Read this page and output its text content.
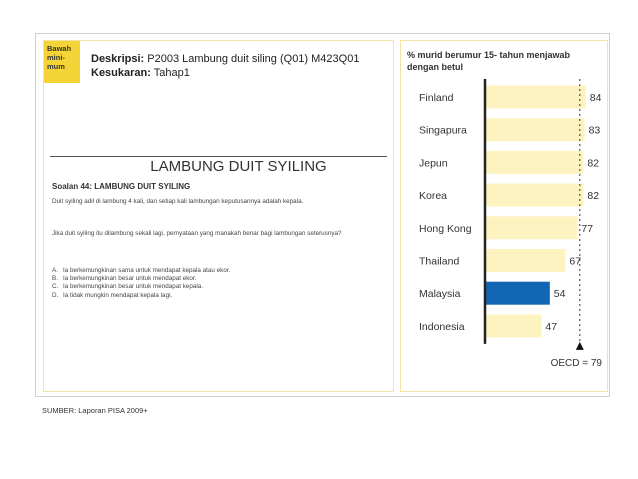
Bawah mini-mum
Deskripsi: P2003 Lambung duit siling (Q01) M423Q01
Kesukaran: Tahap1
LAMBUNG DUIT SYILING
Soalan 44: LAMBUNG DUIT SYILING
Duit syiling adil di lambung 4 kali, dan setiap kali lambungan keputusannya adalah kepala.
Jika duit syiling itu dilambung sekali lagi, pernyataan yang manakah benar bagi lambungan seterusnya?
A. Ia berkemungkinan sama untuk mendapat kepala atau ekor.
B. Ia berkemungkinan besar untuk mendapat ekor.
C. Ia berkemungkinan besar untuk mendapat kepala.
D. Ia tidak mungkin mendapat kepala lagi.
% murid berumur 15- tahun menjawab dengan betul
Finland	84
Singapura	83
Jepun	82
Korea	82
Hong Kong	77
Thailand	67
Malaysia	54
Indonesia	47
OECD = 79
SUMBER: Laporan PISA 2009+
